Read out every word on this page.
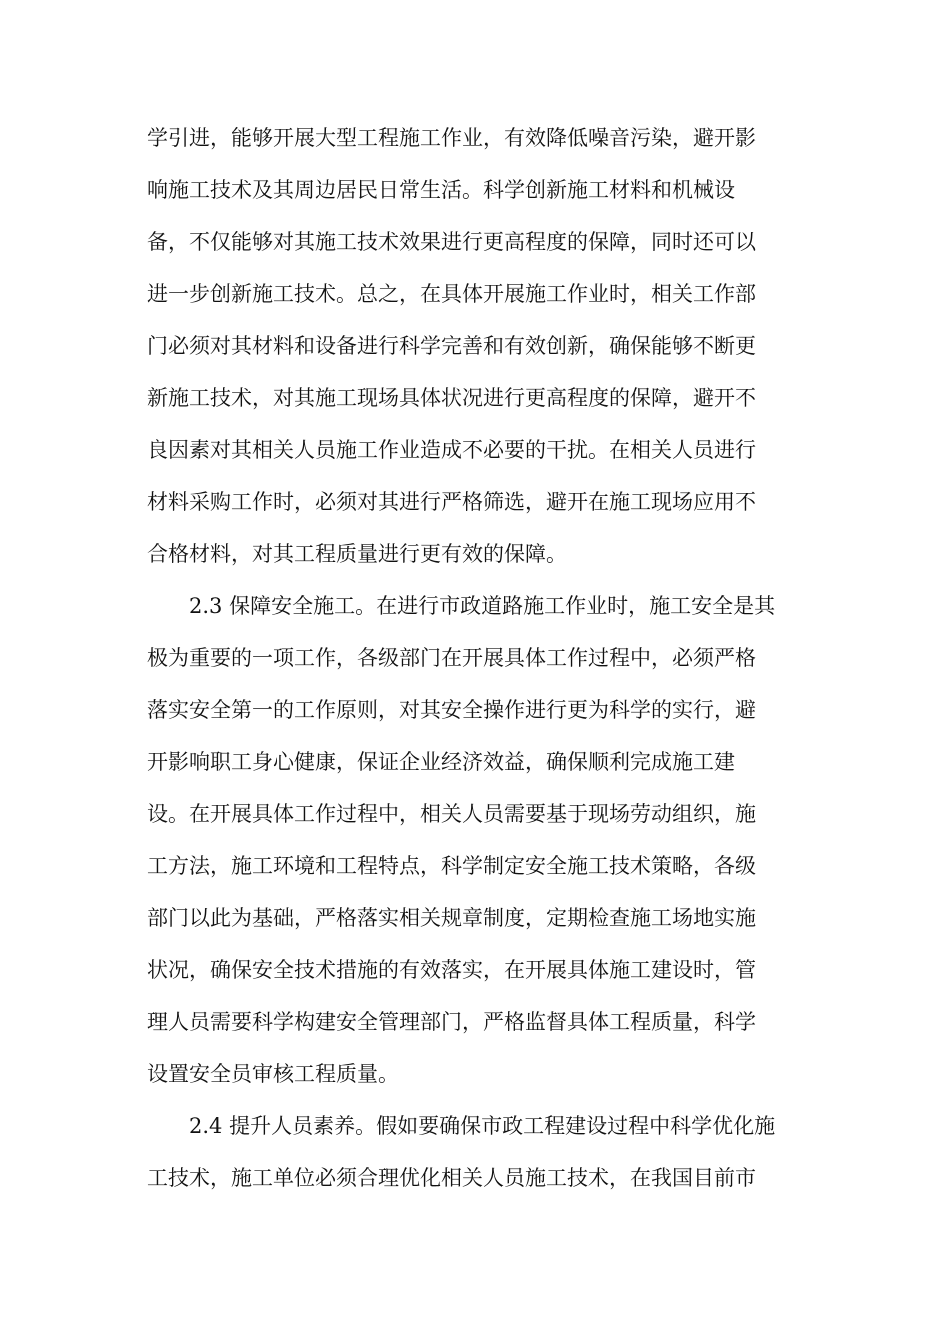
学引进，能够开展大型工程施工作业，有效降低噪音污染，避开影
响施工技术及其周边居民日常生活。科学创新施工材料和机械设
备，不仅能够对其施工技术效果进行更高程度的保障，同时还可以
进一步创新施工技术。总之，在具体开展施工作业时，相关工作部
门必须对其材料和设备进行科学完善和有效创新，确保能够不断更
新施工技术，对其施工现场具体状况进行更高程度的保障，避开不
良因素对其相关人员施工作业造成不必要的干扰。在相关人员进行
材料采购工作时，必须对其进行严格筛选，避开在施工现场应用不
合格材料，对其工程质量进行更有效的保障。
2.3 保障安全施工。在进行市政道路施工作业时，施工安全是其
极为重要的一项工作，各级部门在开展具体工作过程中，必须严格
落实安全第一的工作原则，对其安全操作进行更为科学的实行，避
开影响职工身心健康，保证企业经济效益，确保顺利完成施工建
设。在开展具体工作过程中，相关人员需要基于现场劳动组织，施
工方法，施工环境和工程特点，科学制定安全施工技术策略，各级
部门以此为基础，严格落实相关规章制度，定期检查施工场地实施
状况，确保安全技术措施的有效落实，在开展具体施工建设时，管
理人员需要科学构建安全管理部门，严格监督具体工程质量，科学
设置安全员审核工程质量。
2.4 提升人员素养。假如要确保市政工程建设过程中科学优化施
工技术，施工单位必须合理优化相关人员施工技术，在我国目前市
